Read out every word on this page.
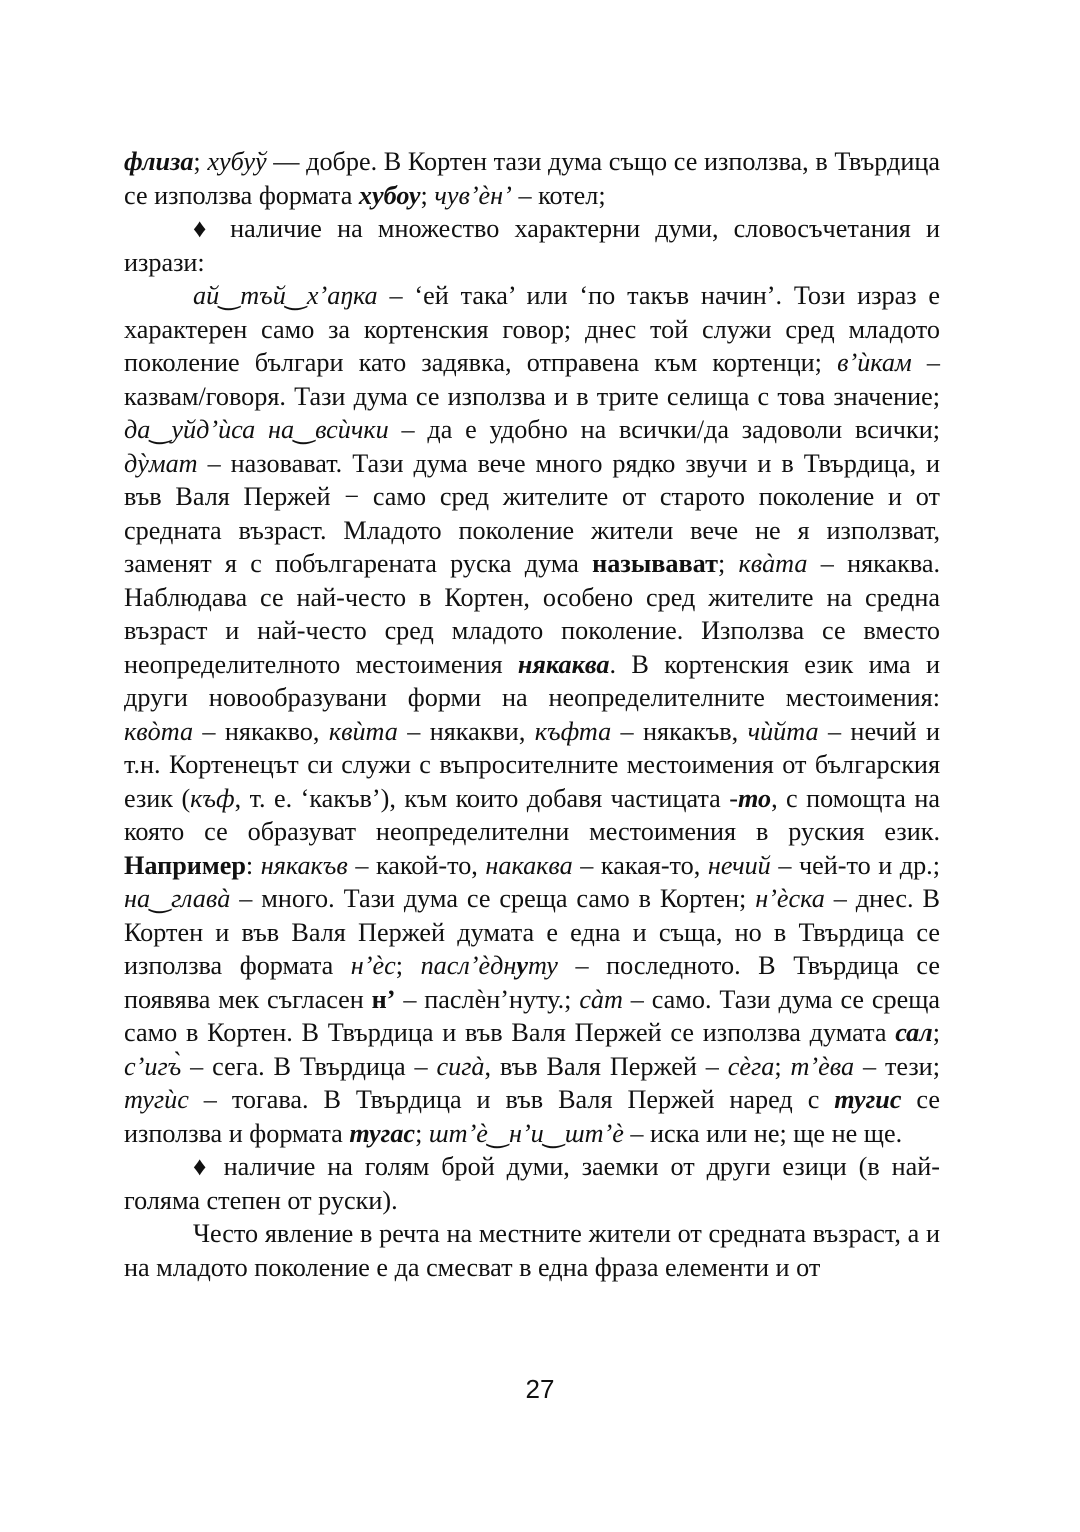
флиза; хубуў — добре. В Кортен тази дума също се използва, в Твърдица се използва формата хубоу; чув’ѐн’ – котел;

♦ наличие на множество характерни думи, словосъчетания и изрази:

ай‿тъй‿х’аŋка – ‘ей така’ или ‘по такъв начин’. Този израз е характерен само за кортенския говор; днес той служи сред младото поколение българи като задявка, отправена към кортенци; в’ѝкам – казвам/говоря. Тази дума се използва и в трите селища с това значение; да‿уйд’ѝса на‿всѝчки – да е удобно на всички/да задоволи всички; дỳмат – назовават. Тази дума вече много рядко звучи и в Твърдица, и във Валя Пержей − само сред жителите от старото поколение и от средната възраст. Младото поколение жители вече не я използват, заменят я с побългарената руска дума называват; квàта – някаква. Наблюдава се най-често в Кортен, особено сред жителите на средна възраст и най-често сред младото поколение. Използва се вместо неопределителното местоимения някаква. В кортенския език има и други новообразувани форми на неопределителните местоимения: квòта – някакво, квѝта – някакви, къфта – някакъв, чѝйта – нечий и т.н. Кортенецът си служи с въпросителните местоимения от българския език (къф, т. е. ‘какъв’), към които добавя частицата -то, с помощта на която се образуват неопределителни местоимения в руския език. Например: някакъв – какой-то, накаква – какая-то, нечий – чей-то и др.; на‿главà – много. Тази дума се среща само в Кортен; н’ѐска – днес. В Кортен и във Валя Пержей думата е една и съща, но в Твърдица се използва формата н’ѐс; пасл’ѐднуту – последното. В Твърдица се появява мек съгласен н’ – паслѐн’нуту.; сàт – само. Тази дума се среща само в Кортен. В Твърдица и във Валя Пержей се използва думата сал; с’игъ̀ – сега. В Твърдица – сигà, във Валя Пержей – сѐга; т’ѐва – тези; тугѝс – тогава. В Твърдица и във Валя Пержей наред с тугис се използва и формата тугас; шт’ѐ‿н’и‿шт’ѐ – иска или не; ще не ще.

♦ наличие на голям брой думи, заемки от други езици (в най-голяма степен от руски).

Често явление в речта на местните жители от средната възраст, а и на младото поколение е да смесват в една фраза елементи и от

27
